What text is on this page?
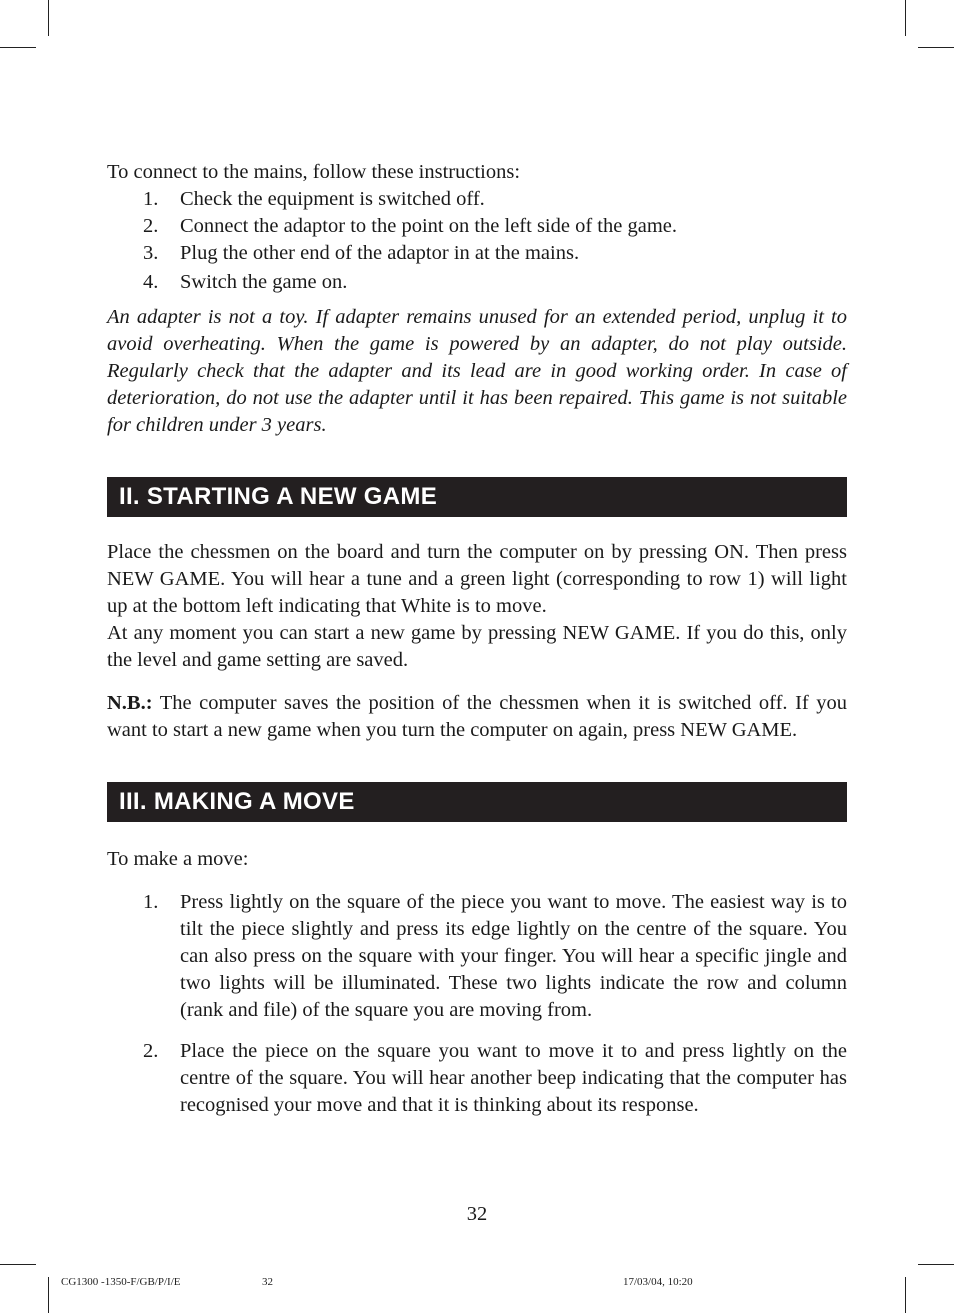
To connect to the mains, follow these instructions:

1. Check the equipment is switched off.
2. Connect the adaptor to the point on the left side of the game.
3. Plug the other end of the adaptor in at the mains.
4. Switch the game on.

An adapter is not a toy. If adapter remains unused for an extended period, unplug it to avoid overheating. When the game is powered by an adapter, do not play outside. Regularly check that the adapter and its lead are in good working order. In case of deterioration, do not use the adapter until it has been repaired. This game is not suitable for children under 3 years.

II. STARTING A NEW GAME

Place the chessmen on the board and turn the computer on by pressing ON. Then press NEW GAME. You will hear a tune and a green light (corresponding to row 1) will light up at the bottom left indicating that White is to move.

At any moment you can start a new game by pressing NEW GAME. If you do this, only the level and game setting are saved.

N.B.: The computer saves the position of the chessmen when it is switched off. If you want to start a new game when you turn the computer on again, press NEW GAME.

III. MAKING A MOVE

To make a move:

1. Press lightly on the square of the piece you want to move. The easiest way is to tilt the piece slightly and press its edge lightly on the centre of the square. You can also press on the square with your finger. You will hear a specific jingle and two lights will be illuminated. These two lights indicate the row and column (rank and file) of the square you are moving from.
2. Place the piece on the square you want to move it to and press lightly on the centre of the square. You will hear another beep indicating that the computer has recognised your move and that it is thinking about its response.
32
CG1300 -1350-F/GB/P/I/E	32	17/03/04, 10:20
